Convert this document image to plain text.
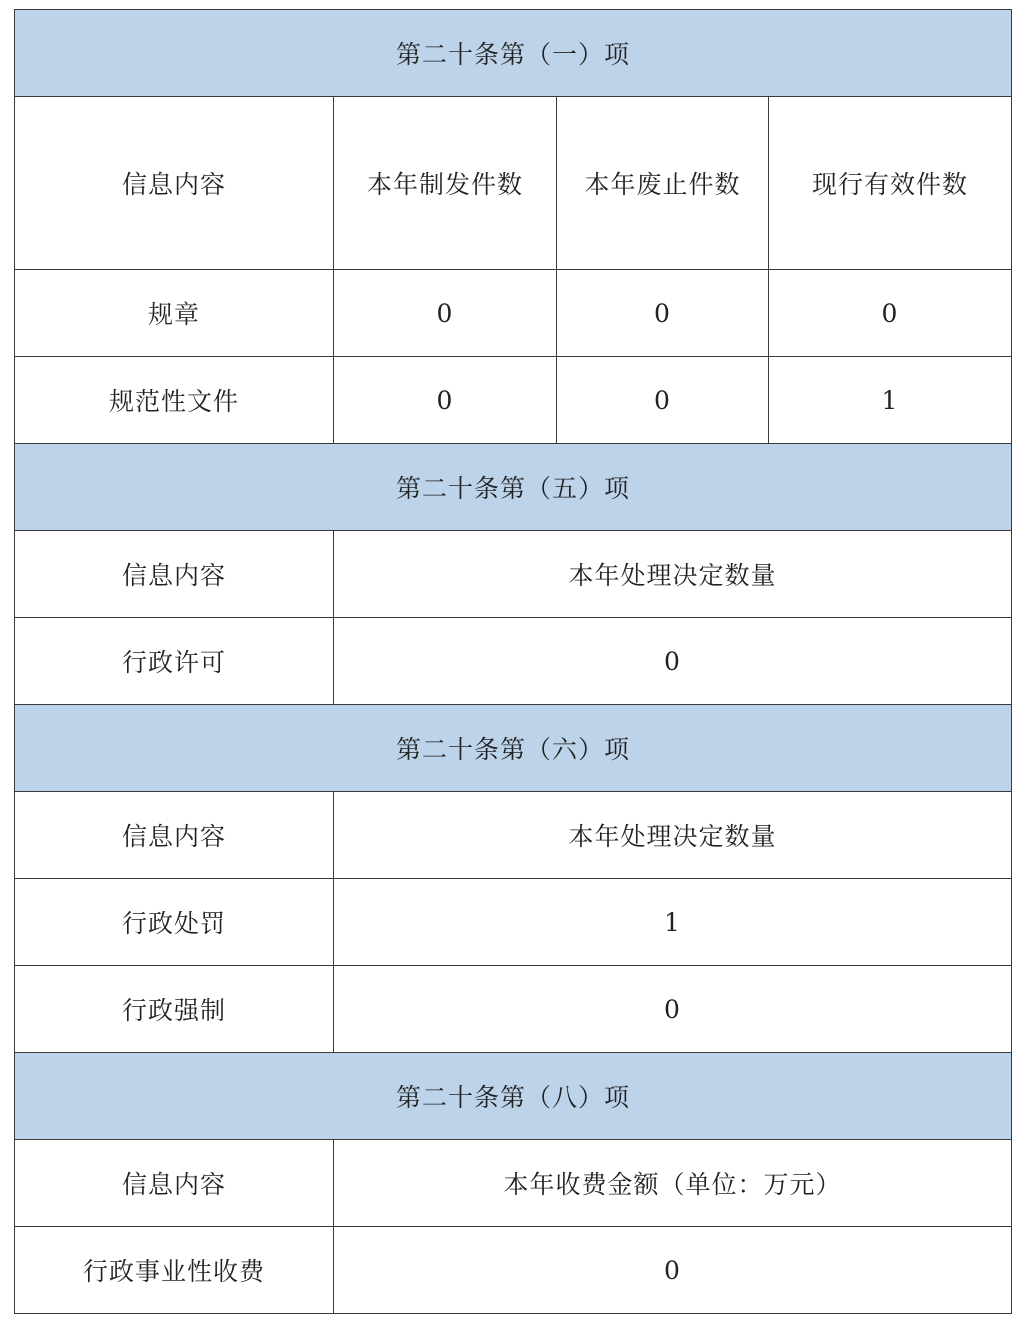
第二十条第（一）项			
信息内容	本年制发件数	本年废止件数	现行有效件数
规章	0	0	0
规范性文件	0	0	1
第二十条第（五）项			
信息内容	本年处理决定数量		
行政许可	0		
第二十条第（六）项			
信息内容	本年处理决定数量		
行政处罚	1		
行政强制	0		
第二十条第（八）项			
信息内容	本年收费金额（单位：万元）		
行政事业性收费	0		
